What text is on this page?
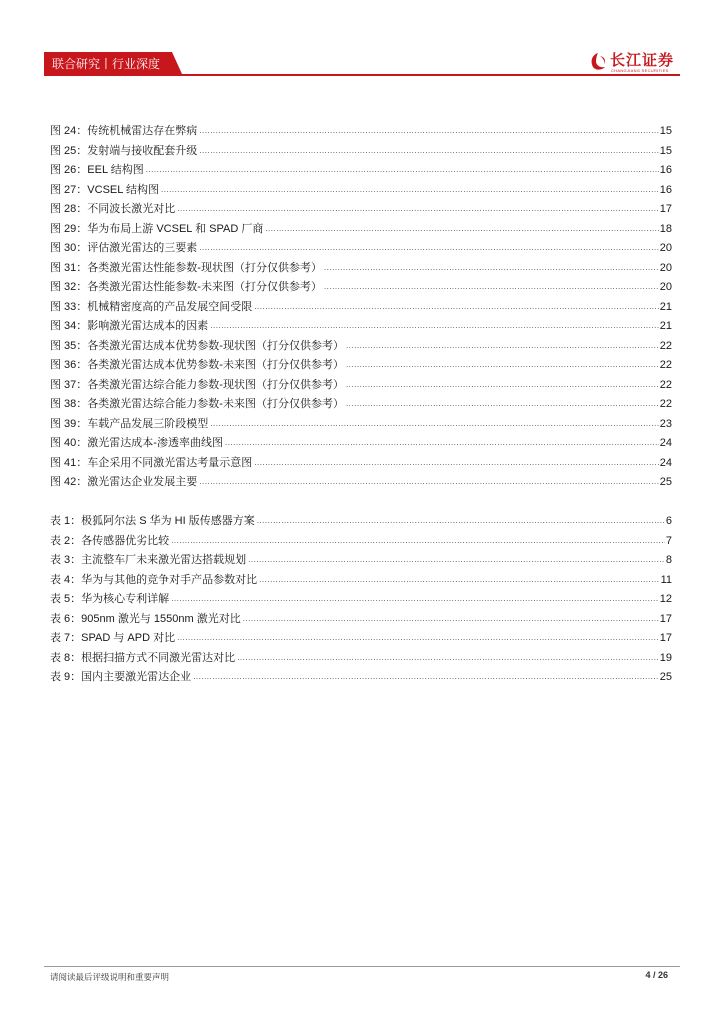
联合研究丨行业深度	长江证券
CHANGJIANG SECURITIES
图 24：传统机械雷达存在弊病 .....	15
图 25：发射端与接收配套升级 .....	15
图 26：EEL 结构图 .....	16
图 27：VCSEL 结构图 .....	16
图 28：不同波长激光对比 .....	17
图 29：华为布局上游 VCSEL 和 SPAD 厂商 .....	18
图 30：评估激光雷达的三要素 .....	20
图 31：各类激光雷达性能参数-现状图（打分仅供参考） .....	20
图 32：各类激光雷达性能参数-未来图（打分仅供参考） .....	20
图 33：机械精密度高的产品发展空间受限 .....	21
图 34：影响激光雷达成本的因素 .....	21
图 35：各类激光雷达成本优势参数-现状图（打分仅供参考） .....	22
图 36：各类激光雷达成本优势参数-未来图（打分仅供参考） .....	22
图 37：各类激光雷达综合能力参数-现状图（打分仅供参考） .....	22
图 38：各类激光雷达综合能力参数-未来图（打分仅供参考） .....	22
图 39：车载产品发展三阶段模型 .....	23
图 40：激光雷达成本-渗透率曲线图 .....	24
图 41：车企采用不同激光雷达考量示意图 .....	24
图 42：激光雷达企业发展主要 .....	25
表 1：极狐阿尔法 S 华为 HI 版传感器方案 .....	6
表 2：各传感器优劣比较 .....	7
表 3：主流整车厂未来激光雷达搭载规划 .....	8
表 4：华为与其他的竞争对手产品参数对比 .....	11
表 5：华为核心专利详解 .....	12
表 6：905nm 激光与 1550nm 激光对比 .....	17
表 7：SPAD 与 APD 对比 .....	17
表 8：根据扫描方式不同激光雷达对比 .....	19
表 9：国内主要激光雷达企业 .....	25
请阅读最后评级说明和重要声明	4 / 26
